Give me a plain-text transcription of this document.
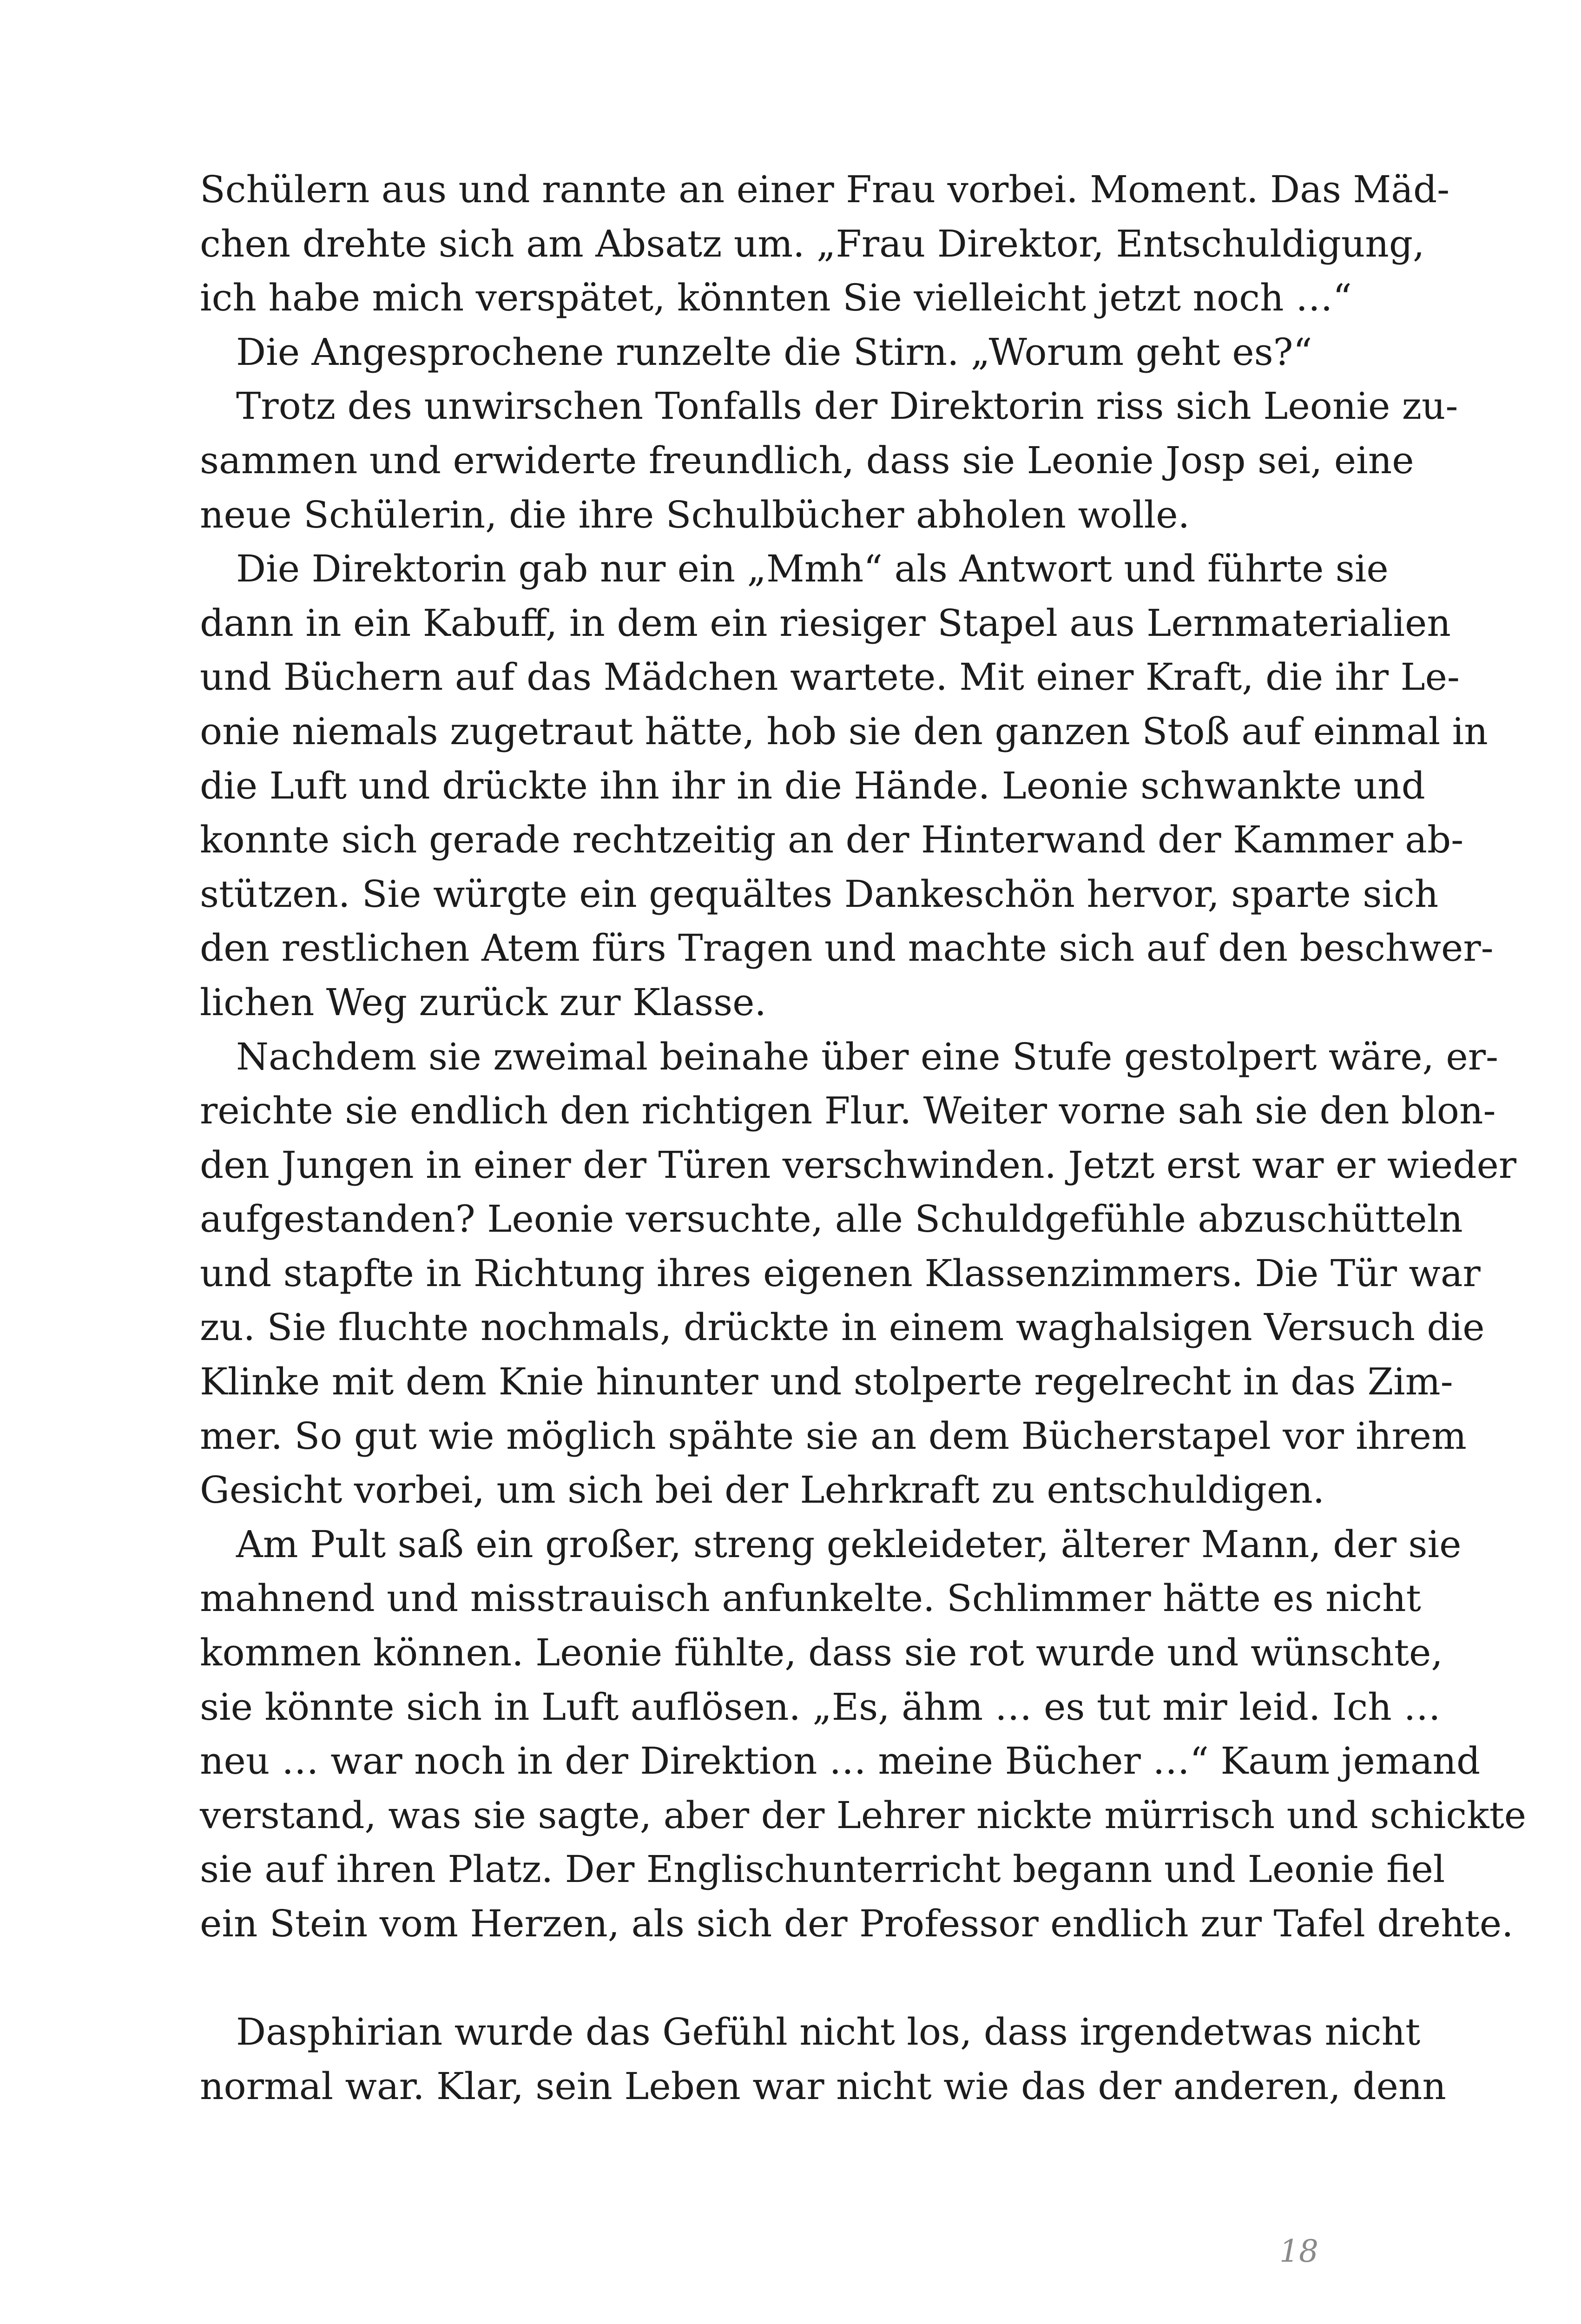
Schülern aus und rannte an einer Frau vorbei. Moment. Das Mäd-
chen drehte sich am Absatz um. „Frau Direktor, Entschuldigung,
ich habe mich verspätet, könnten Sie vielleicht jetzt noch …“
Die Angesprochene runzelte die Stirn. „Worum geht es?“
Trotz des unwirschen Tonfalls der Direktorin riss sich Leonie zu-
sammen und erwiderte freundlich, dass sie Leonie Josp sei, eine
neue Schülerin, die ihre Schulbücher abholen wolle.
Die Direktorin gab nur ein „Mmh“ als Antwort und führte sie
dann in ein Kabuff, in dem ein riesiger Stapel aus Lernmaterialien
und Büchern auf das Mädchen wartete. Mit einer Kraft, die ihr Le-
onie niemals zugetraut hätte, hob sie den ganzen Stoß auf einmal in
die Luft und drückte ihn ihr in die Hände. Leonie schwankte und
konnte sich gerade rechtzeitig an der Hinterwand der Kammer ab-
stützen. Sie würgte ein gequältes Dankeschön hervor, sparte sich
den restlichen Atem fürs Tragen und machte sich auf den beschwer-
lichen Weg zurück zur Klasse.
Nachdem sie zweimal beinahe über eine Stufe gestolpert wäre, er-
reichte sie endlich den richtigen Flur. Weiter vorne sah sie den blon-
den Jungen in einer der Türen verschwinden. Jetzt erst war er wieder
aufgestanden? Leonie versuchte, alle Schuldgefühle abzuschütteln
und stapfte in Richtung ihres eigenen Klassenzimmers. Die Tür war
zu. Sie fluchte nochmals, drückte in einem waghalsigen Versuch die
Klinke mit dem Knie hinunter und stolperte regelrecht in das Zim-
mer. So gut wie möglich spähte sie an dem Bücherstapel vor ihrem
Gesicht vorbei, um sich bei der Lehrkraft zu entschuldigen.
Am Pult saß ein großer, streng gekleideter, älterer Mann, der sie
mahnend und misstrauisch anfunkelte. Schlimmer hätte es nicht
kommen können. Leonie fühlte, dass sie rot wurde und wünschte,
sie könnte sich in Luft auflösen. „Es, ähm … es tut mir leid. Ich …
neu … war noch in der Direktion … meine Bücher …“ Kaum jemand
verstand, was sie sagte, aber der Lehrer nickte mürrisch und schickte
sie auf ihren Platz. Der Englischunterricht begann und Leonie fiel
ein Stein vom Herzen, als sich der Professor endlich zur Tafel drehte.
Dasphirian wurde das Gefühl nicht los, dass irgendetwas nicht
normal war. Klar, sein Leben war nicht wie das der anderen, denn
18
